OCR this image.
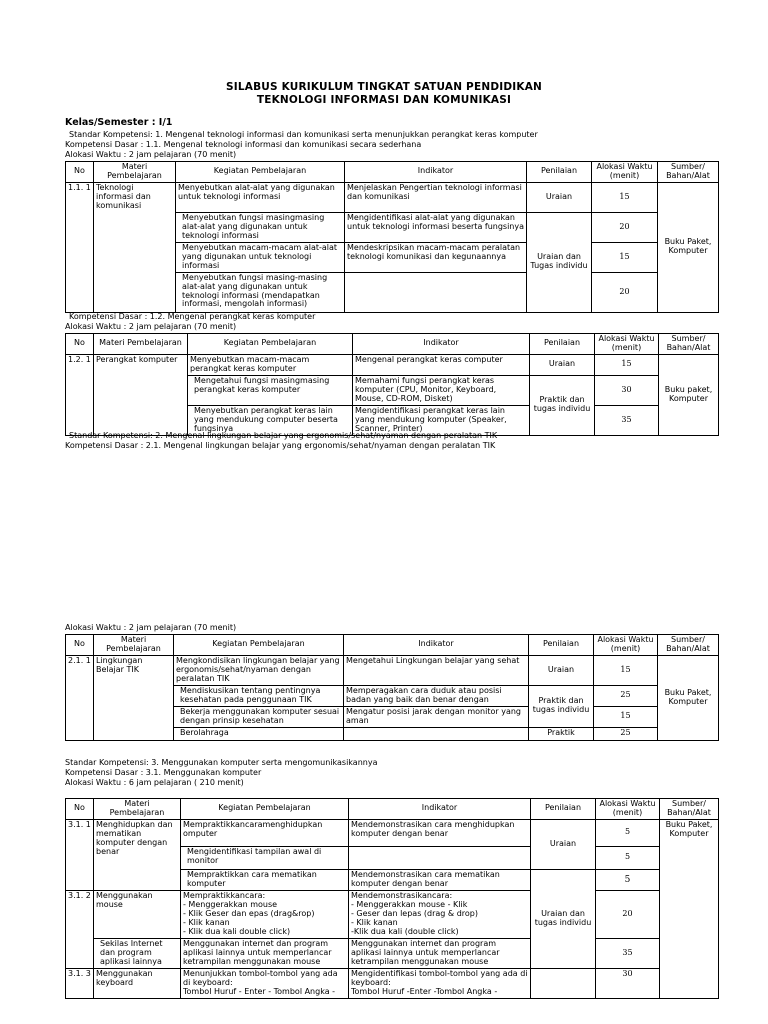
SILABUS KURIKULUM TINGKAT SATUAN PENDIDIKAN
TEKNOLOGI INFORMASI DAN KOMUNIKASI
Kelas/Semester : I/1
Standar Kompetensi: 1. Mengenal teknologi informasi dan komunikasi serta menunjukkan perangkat keras komputer
Kompetensi Dasar : 1.1. Mengenal teknologi informasi dan komunikasi secara sederhana
Alokasi Waktu : 2 jam pelajaran (70 menit)
No	Materi Pembelajaran	Kegiatan Pembelajaran	Indikator	Penilaian	Alokasi Waktu (menit)	Sumber/ Bahan/Alat
1.1. 1	Teknologi informasi dan komunikasi	Menyebutkan alat-alat yang digunakan untuk teknologi informasi	Menjelaskan Pengertian teknologi informasi dan komunikasi	Uraian	15	Buku Paket, Komputer
		Menyebutkan fungsi masingmasing alat-alat yang digunakan untuk teknologi informasi	Mengidentifikasi alat-alat yang digunakan untuk teknologi informasi beserta fungsinya	Uraian dan Tugas individu	20	
		Menyebutkan macam-macam alat-alat yang digunakan untuk teknologi informasi	Mendeskripsikan macam-macam peralatan teknologi komunikasi dan kegunaannya		15	
		Menyebutkan fungsi masing-masing alat-alat yang digunakan untuk teknologi informasi (mendapatkan informasi, mengolah informasi)			20	
Kompetensi Dasar : 1.2. Mengenal perangkat keras komputer
Alokasi Waktu : 2 jam pelajaran (70 menit)
No	Materi Pembelajaran	Kegiatan Pembelajaran	Indikator	Penilaian	Alokasi Waktu (menit)	Sumber/ Bahan/Alat
1.2. 1	Perangkat komputer	Menyebutkan macam-macam perangkat keras komputer	Mengenal perangkat keras computer	Uraian	15	Buku paket, Komputer
		Mengetahui fungsi masingmasing perangkat keras komputer	Memahami fungsi perangkat keras komputer (CPU, Monitor, Keyboard, Mouse, CD-ROM, Disket)	Praktik dan tugas individu	30	
		Menyebutkan perangkat keras lain yang mendukung computer beserta fungsinya	Mengidentifikasi perangkat keras lain yang mendukung komputer (Speaker, Scanner, Printer)		35	
Standar Kompetensi: 2. Mengenal lingkungan belajar yang ergonomis/sehat/nyaman dengan peralatan TIK
Kompetensi Dasar : 2.1. Mengenal lingkungan belajar yang ergonomis/sehat/nyaman dengan peralatan TIK
Alokasi Waktu : 2 jam pelajaran (70 menit)
No	Materi Pembelajaran	Kegiatan Pembelajaran	Indikator	Penilaian	Alokasi Waktu (menit)	Sumber/ Bahan/Alat
2.1. 1	Lingkungan Belajar TIK	Mengkondisikan lingkungan belajar yang ergonomis/sehat/nyaman dengan peralatan TIK	Mengetahui Lingkungan belajar yang sehat	Uraian	15	Buku Paket, Komputer
		Mendiskusikan tentang pentingnya kesehatan pada penggunaan TIK	Memperagakan cara duduk atau posisi badan yang baik dan benar dengan	Praktik dan tugas individu	25	
		Bekerja menggunakan komputer sesuai dengan prinsip kesehatan	Mengatur posisi jarak dengan monitor yang aman		15	
		Berolahraga		Praktik	25	
Standar Kompetensi: 3. Menggunakan komputer serta mengomunikasikannya
Kompetensi Dasar : 3.1. Menggunakan komputer
Alokasi Waktu : 6 jam pelajaran ( 210 menit)
No	Materi Pembelajaran	Kegiatan Pembelajaran	Indikator	Penilaian	Alokasi Waktu (menit)	Sumber/ Bahan/Alat
3.1. 1	Menghidupkan dan mematikan komputer dengan benar	Mempraktikkancaramenghidupkan omputer	Mendemonstrasikan cara menghidupkan komputer dengan benar	Uraian	5	Buku Paket, Komputer
		Mengidentifikasi tampilan awal di monitor			5	
		Mempraktikkan cara mematikan komputer	Mendemonstrasikan cara mematikan komputer dengan benar	Uraian dan tugas individu	5	
3.1. 2	Menggunakan mouse	Mempraktikkancara:
- Menggerakkan mouse
- Klik Geser dan epas (drag&rop)
- Klik kanan
- Klik dua kali double click)	Mendemonstrasikancara:
- Menggerakkan mouse - Klik
- Geser dan lepas (drag & drop)
- Klik kanan
-Klik dua kali (double click)		20	
	Sekilas Internet dan program aplikasi lainnya	Menggunakan internet dan program aplikasi lainnya untuk memperlancar ketrampilan menggunakan mouse	Menggunakan internet dan program aplikasi lainnya untuk memperlancar ketrampilan menggunakan mouse		35	
3.1. 3	Menggunakan keyboard	Menunjukkan tombol-tombol yang ada di keyboard:
Tombol Huruf - Enter - Tombol Angka -	Mengidentifikasi tombol-tombol yang ada di keyboard:
Tombol Huruf -Enter -Tombol Angka -		30	
